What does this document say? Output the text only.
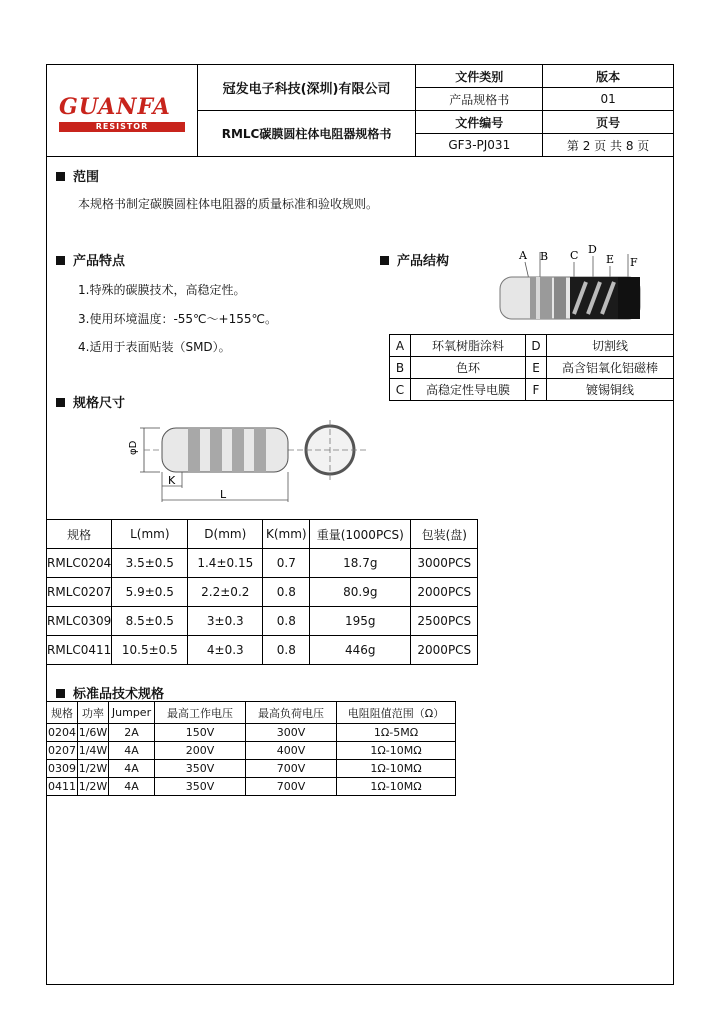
GUANFA
RESISTOR	冠发电子科技(深圳)有限公司	文件类别	版本
		产品规格书	01
	RMLC碳膜圆柱体电阻器规格书	文件编号	页号
		GF3-PJ031	第 2 页 共 8 页
范围
本规格书制定碳膜圆柱体电阻器的质量标准和验收规则。
产品特点
1.特殊的碳膜技术，高稳定性。
3.使用环境温度：-55℃～+155℃。
4.适用于表面贴装（SMD）。
产品结构	A B C D
E F
A	环氧树脂涂料	D	切割线
B	色环	E	高含铝氧化铝磁棒
C	高稳定性导电膜	F	镀锡铜线
规格尺寸
φD
K
L
规格	L(mm)	D(mm)	K(mm)	重量(1000PCS)	包装(盘)
RMLC0204	3.5±0.5	1.4±0.15	0.7	18.7g	3000PCS
RMLC0207	5.9±0.5	2.2±0.2	0.8	80.9g	2000PCS
RMLC0309	8.5±0.5	3±0.3	0.8	195g	2500PCS
RMLC0411	10.5±0.5	4±0.3	0.8	446g	2000PCS
标准品技术规格
规格	功率	Jumper	最高工作电压	最高负荷电压	电阻阻值范围（Ω）
0204	1/6W	2A	150V	300V	1Ω-5MΩ
0207	1/4W	4A	200V	400V	1Ω-10MΩ
0309	1/2W	4A	350V	700V	1Ω-10MΩ
0411	1/2W	4A	350V	700V	1Ω-10MΩ
